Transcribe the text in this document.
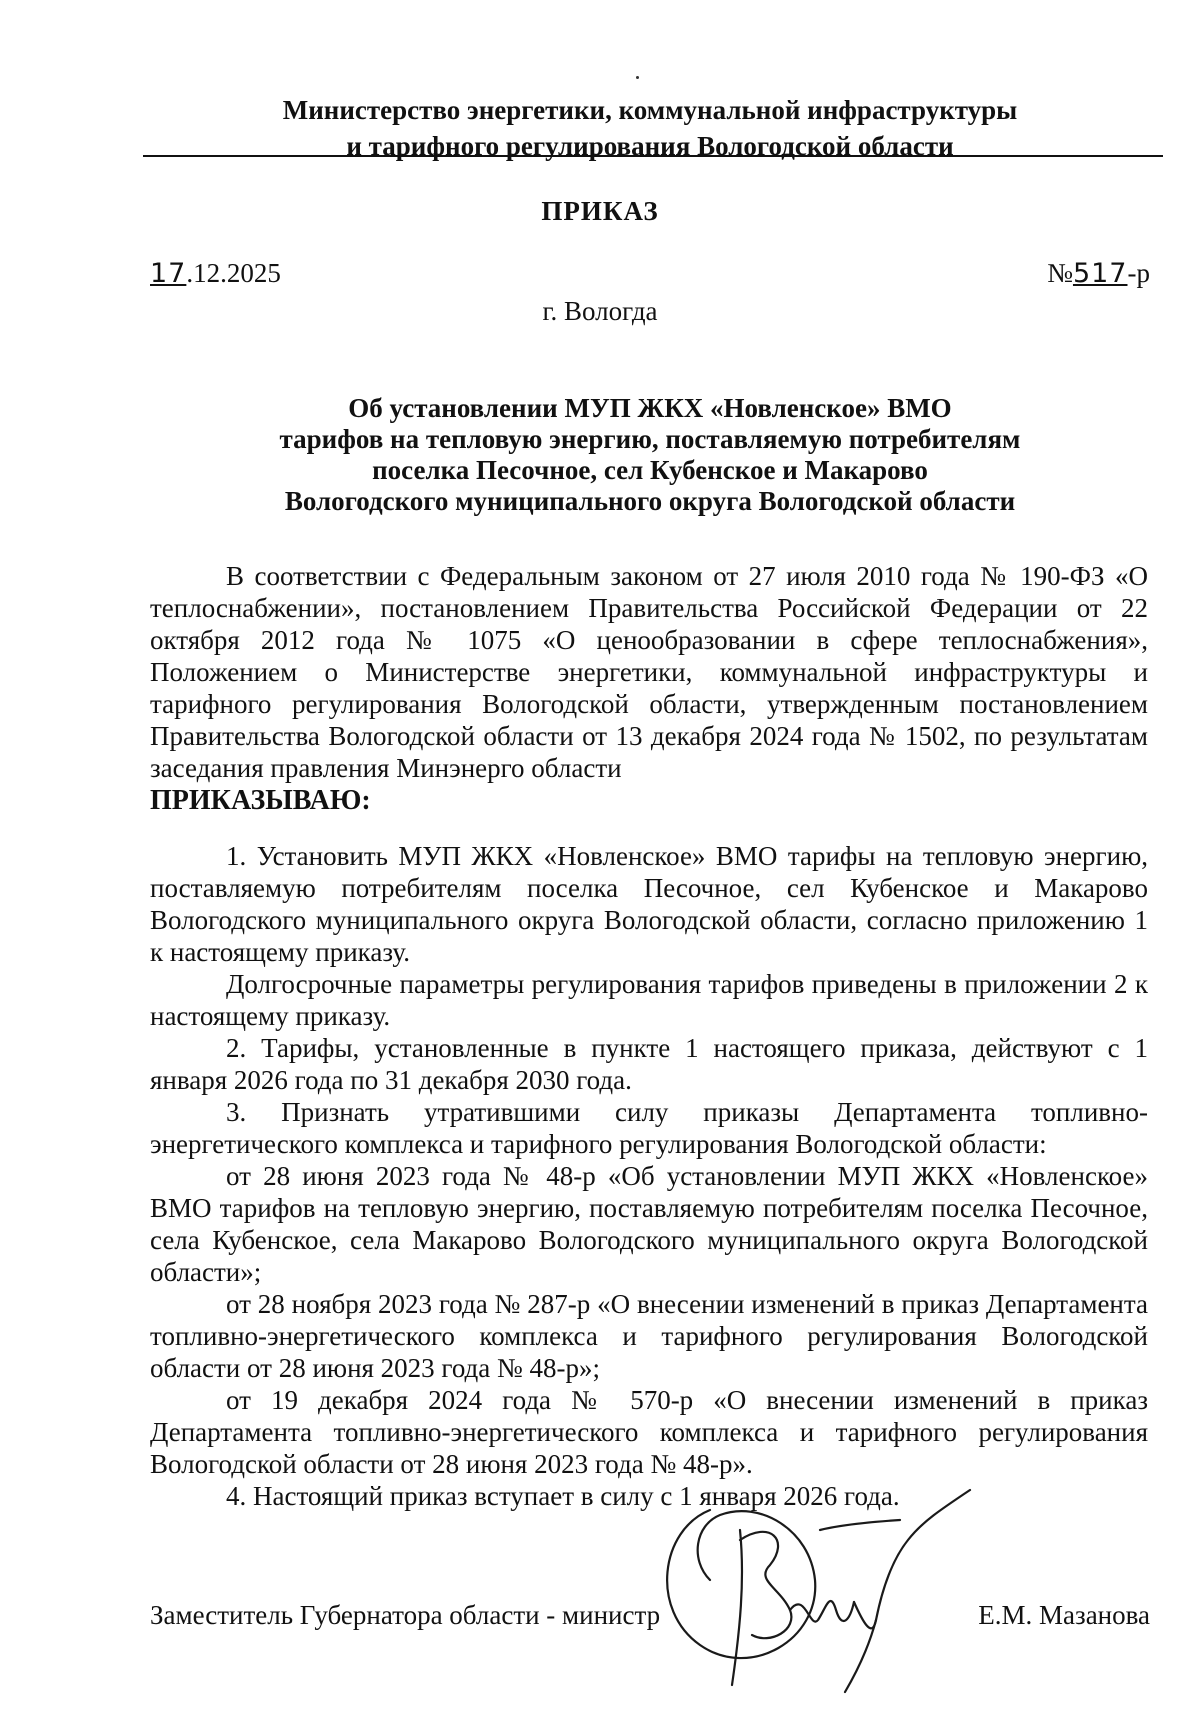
Министерство энергетики, коммунальной инфраструктуры
и тарифного регулирования Вологодской области
ПРИКАЗ
17.12.2025	№517-р
г. Вологда
Об установлении МУП ЖКХ «Новленское» ВМО
тарифов на тепловую энергию, поставляемую потребителям
поселка Песочное, сел Кубенское и Макарово
Вологодского муниципального округа Вологодской области

В соответствии с Федеральным законом от 27 июля 2010 года № 190-ФЗ «О теплоснабжении», постановлением Правительства Российской Федерации от 22 октября 2012 года № 1075 «О ценообразовании в сфере теплоснабжения», Положением о Министерстве энергетики, коммунальной инфраструктуры и тарифного регулирования Вологодской области, утвержденным постановлением Правительства Вологодской области от 13 декабря 2024 года № 1502, по результатам заседания правления Минэнерго области

ПРИКАЗЫВАЮ:

1. Установить МУП ЖКХ «Новленское» ВМО тарифы на тепловую энергию, поставляемую потребителям поселка Песочное, сел Кубенское и Макарово Вологодского муниципального округа Вологодской области, согласно приложению 1 к настоящему приказу.

Долгосрочные параметры регулирования тарифов приведены в приложении 2 к настоящему приказу.

2. Тарифы, установленные в пункте 1 настоящего приказа, действуют с 1 января 2026 года по 31 декабря 2030 года.

3. Признать утратившими силу приказы Департамента топливно-энергетического комплекса и тарифного регулирования Вологодской области:

от 28 июня 2023 года № 48-р «Об установлении МУП ЖКХ «Новленское» ВМО тарифов на тепловую энергию, поставляемую потребителям поселка Песочное, села Кубенское, села Макарово Вологодского муниципального округа Вологодской области»;

от 28 ноября 2023 года № 287-р «О внесении изменений в приказ Департамента топливно-энергетического комплекса и тарифного регулирования Вологодской области от 28 июня 2023 года № 48-р»;

от 19 декабря 2024 года № 570-р «О внесении изменений в приказ Департамента топливно-энергетического комплекса и тарифного регулирования Вологодской области от 28 июня 2023 года № 48-р».

4. Настоящий приказ вступает в силу с 1 января 2026 года.

Заместитель Губернатора области - министр	Е.М. Мазанова
